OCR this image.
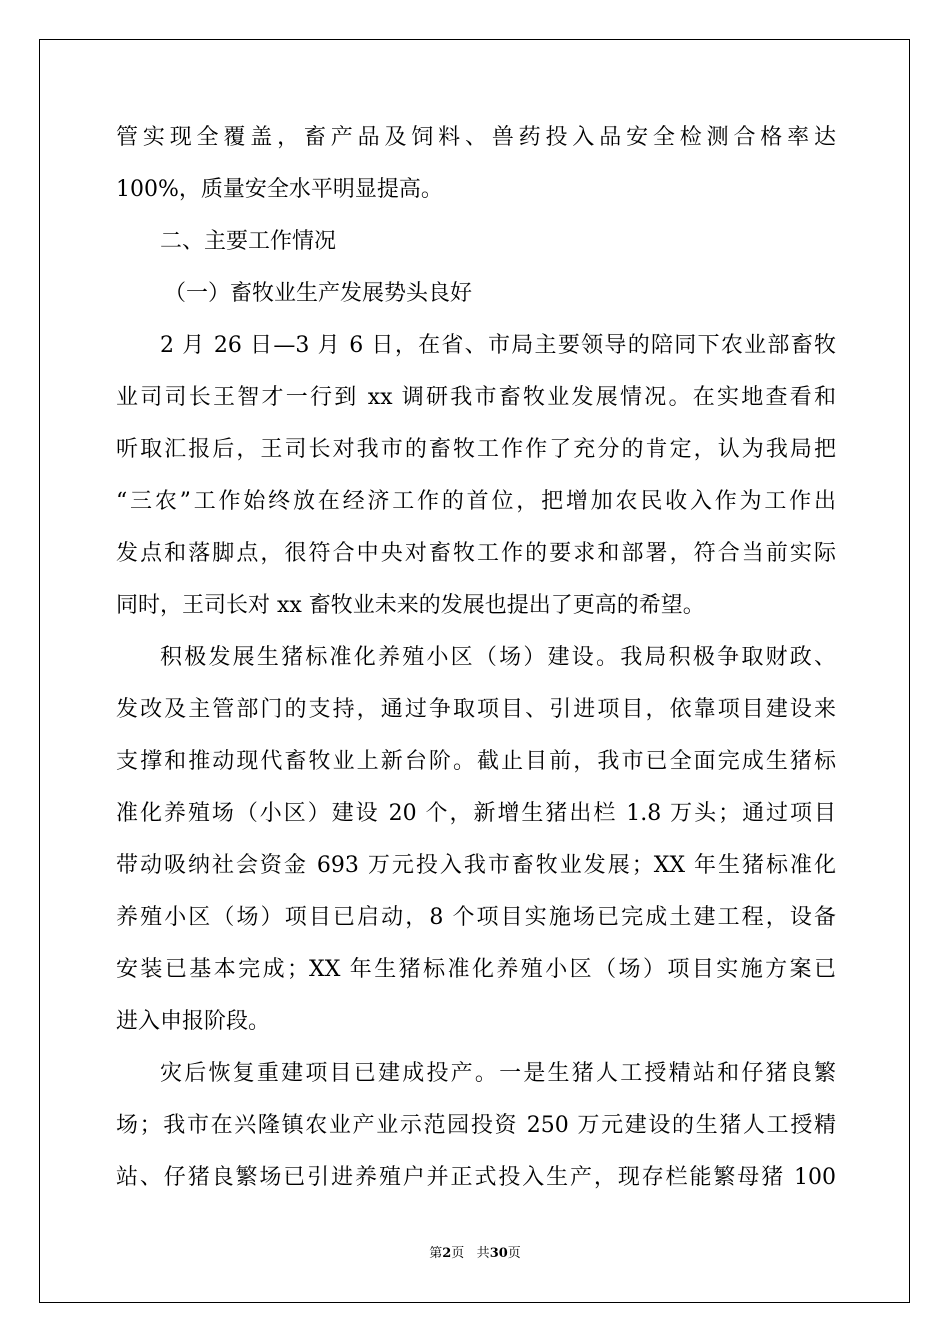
管实现全覆盖，畜产品及饲料、兽药投入品安全检测合格率达
100%，质量安全水平明显提高。
二、主要工作情况
（一）畜牧业生产发展势头良好
2 月 26 日—3 月 6 日，在省、市局主要领导的陪同下农业部畜牧
业司司长王智才一行到 xx 调研我市畜牧业发展情况。在实地查看和
听取汇报后，王司长对我市的畜牧工作作了充分的肯定，认为我局把
“三农”工作始终放在经济工作的首位，把增加农民收入作为工作出
发点和落脚点，很符合中央对畜牧工作的要求和部署，符合当前实际
同时，王司长对 xx 畜牧业未来的发展也提出了更高的希望。
积极发展生猪标准化养殖小区（场）建设。我局积极争取财政、
发改及主管部门的支持，通过争取项目、引进项目，依靠项目建设来
支撑和推动现代畜牧业上新台阶。截止目前，我市已全面完成生猪标
准化养殖场（小区）建设 20 个，新增生猪出栏 1.8 万头；通过项目
带动吸纳社会资金 693 万元投入我市畜牧业发展；XX 年生猪标准化
养殖小区（场）项目已启动，8 个项目实施场已完成土建工程，设备
安装已基本完成；XX 年生猪标准化养殖小区（场）项目实施方案已
进入申报阶段。
灾后恢复重建项目已建成投产。一是生猪人工授精站和仔猪良繁
场；我市在兴隆镇农业产业示范园投资 250 万元建设的生猪人工授精
站、仔猪良繁场已引进养殖户并正式投入生产，现存栏能繁母猪 100
第2页 共30页
